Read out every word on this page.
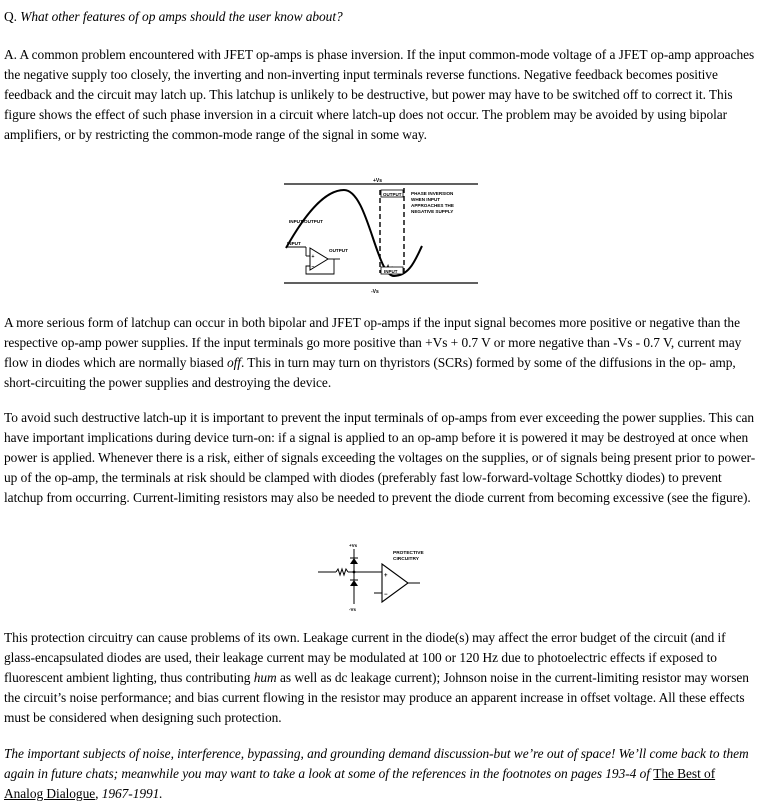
Q. What other features of op amps should the user know about?

A. A common problem encountered with JFET op-amps is phase inversion. If the input common-mode voltage of a JFET op-amp approaches the negative supply too closely, the inverting and non-inverting input terminals reverse functions. Negative feedback becomes positive feedback and the circuit may latch up. This latchup is unlikely to be destructive, but power may have to be switched off to correct it. This figure shows the effect of such phase inversion in a circuit where latch-up does not occur. The problem may be avoided by using bipolar amplifiers, or by restricting the common-mode range of the signal in some way.

+Vs
-Vs
OUTPUT PHASE INVERSION
WHEN INPUT
APPROACHES THE
NEGATIVE SUPPLY
INPUT/OUTPUT
INPUT
+
−
OUTPUT
INPUT

A more serious form of latchup can occur in both bipolar and JFET op-amps if the input signal becomes more positive or negative than the respective op-amp power supplies. If the input terminals go more positive than +Vs + 0.7 V or more negative than -Vs - 0.7 V, current may flow in diodes which are normally biased off. This in turn may turn on thyristors (SCRs) formed by some of the diffusions in the op- amp, short-circuiting the power supplies and destroying the device.

To avoid such destructive latch-up it is important to prevent the input terminals of op-amps from ever exceeding the power supplies. This can have important implications during device turn-on: if a signal is applied to an op-amp before it is powered it may be destroyed at once when power is applied. Whenever there is a risk, either of signals exceeding the voltages on the supplies, or of signals being present prior to power-up of the op-amp, the terminals at risk should be clamped with diodes (preferably fast low-forward-voltage Schottky diodes) to prevent latchup from occurring. Current-limiting resistors may also be needed to prevent the diode current from becoming excessive (see the figure).

+Vs
-Vs
PROTECTIVE
CIRCUITRY
+
−

This protection circuitry can cause problems of its own. Leakage current in the diode(s) may affect the error budget of the circuit (and if glass-encapsulated diodes are used, their leakage current may be modulated at 100 or 120 Hz due to photoelectric effects if exposed to fluorescent ambient lighting, thus contributing hum as well as dc leakage current); Johnson noise in the current-limiting resistor may worsen the circuit’s noise performance; and bias current flowing in the resistor may produce an apparent increase in offset voltage. All these effects must be considered when designing such protection.

The important subjects of noise, interference, bypassing, and grounding demand discussion-but we’re out of space! We’ll come back to them again in future chats; meanwhile you may want to take a look at some of the references in the footnotes on pages 193-4 of The Best of Analog Dialogue, 1967-1991.
